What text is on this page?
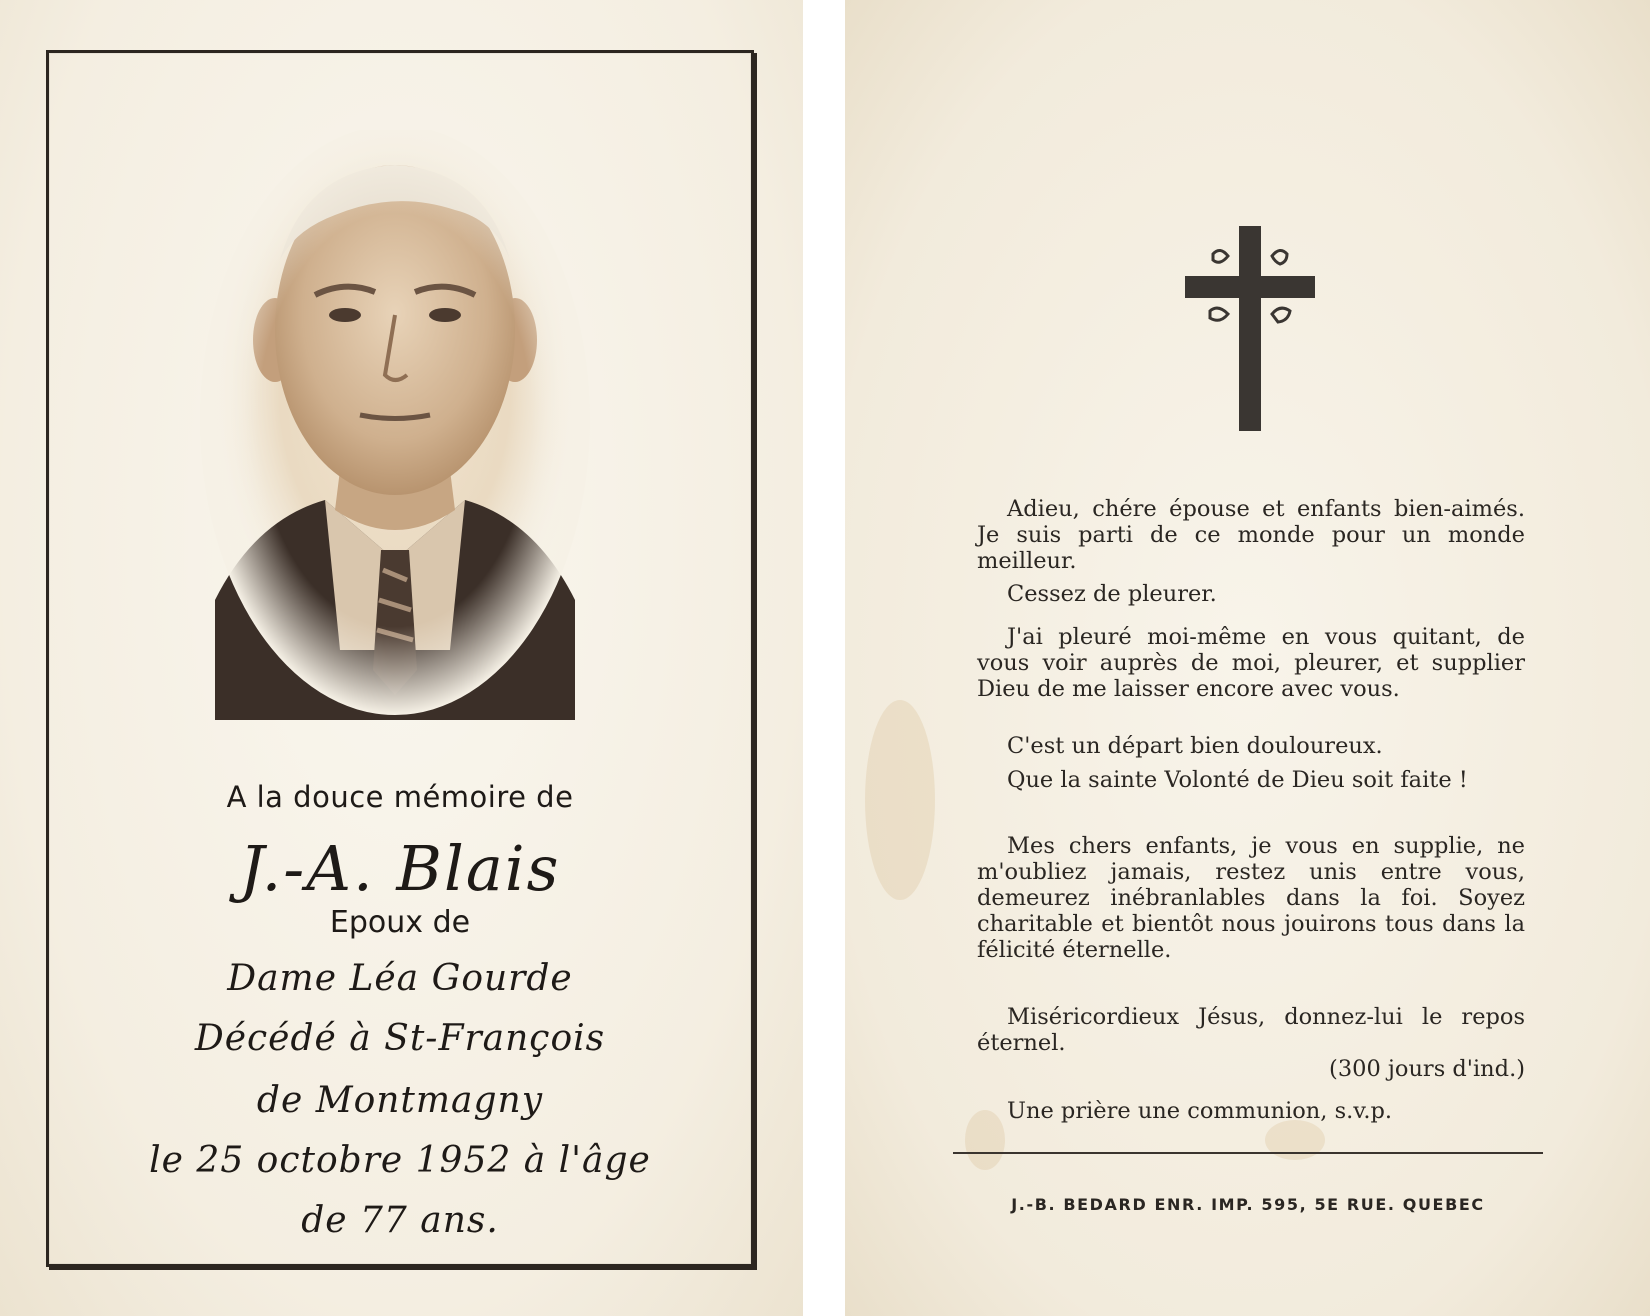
A la douce mémoire de
J.-A. Blais
Epoux de
Dame Léa Gourde
Décédé à St-François
de Montmagny
le 25 octobre 1952 à l'âge
de 77 ans.

Adieu, chére épouse et enfants bien-aimés. Je suis parti de ce monde pour un monde meilleur.

Cessez de pleurer.

J'ai pleuré moi-même en vous quitant, de vous voir auprès de moi, pleurer, et supplier Dieu de me laisser encore avec vous.

C'est un départ bien douloureux.

Que la sainte Volonté de Dieu soit faite !

Mes chers enfants, je vous en supplie, ne m'oubliez jamais, restez unis entre vous, demeurez inébranlables dans la foi. Soyez charitable et bientôt nous jouirons tous dans la félicité éternelle.

Miséricordieux Jésus, donnez-lui le repos éternel.

(300 jours d'ind.)

Une prière une communion, s.v.p.

J.-B. BEDARD ENR. IMP. 595, 5E RUE. QUEBEC
